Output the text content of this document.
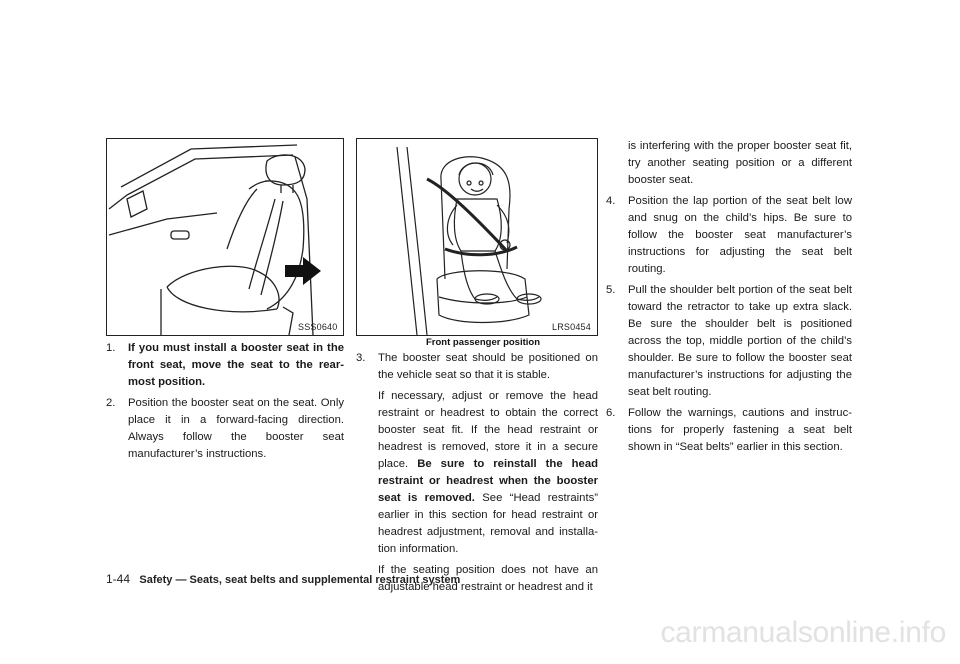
SSS0640	LRS0454
Front passenger position
1. If you must install a booster seat in the front seat, move the seat to the rear-most position.

2. Position the booster seat on the seat. Only place it in a forward-facing direction. Always follow the booster seat manufacturer’s instructions.

3. The booster seat should be positioned on the vehicle seat so that it is stable.

If necessary, adjust or remove the head restraint or headrest to obtain the correct booster seat fit. If the head restraint or headrest is removed, store it in a secure place. Be sure to reinstall the head restraint or headrest when the booster seat is removed. See “Head restraints” earlier in this section for head restraint or headrest adjustment, removal and installa-tion information.

If the seating position does not have an adjustable head restraint or headrest and it

is interfering with the proper booster seat fit, try another seating position or a different booster seat.

4. Position the lap portion of the seat belt low and snug on the child’s hips. Be sure to follow the booster seat manufacturer’s instructions for adjusting the seat belt routing.

5. Pull the shoulder belt portion of the seat belt toward the retractor to take up extra slack. Be sure the shoulder belt is positioned across the top, middle portion of the child’s shoulder. Be sure to follow the booster seat manufacturer’s instructions for adjusting the seat belt routing.

6. Follow the warnings, cautions and instruc-tions for properly fastening a seat belt shown in “Seat belts” earlier in this section.

1-44 Safety — Seats, seat belts and supplemental restraint system
carmanualsonline.info
